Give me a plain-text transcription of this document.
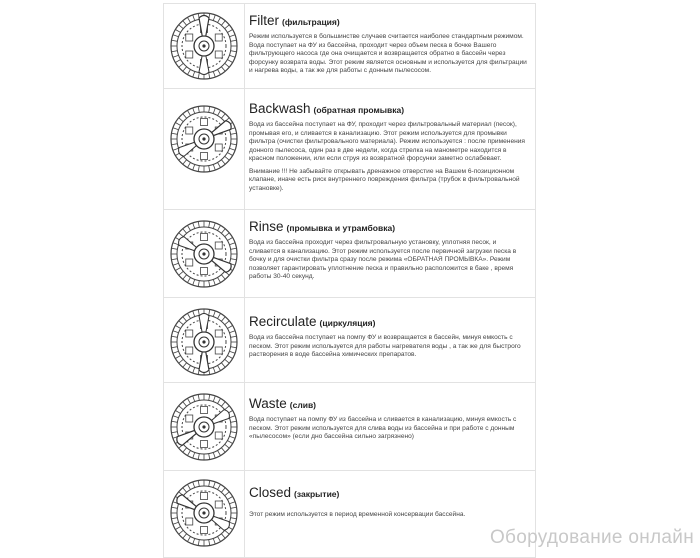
Filter (фильтрация)

Режим используется в большинстве случаев считается наиболее стандартным режимом. Вода поступает на ФУ из бассейна, проходит через объем песка в бочке Вашего фильтрующего насоса где она очищается и возвращается обратно в бассейн через форсунку возврата воды. Этот режим является основным и используется для фильтрации и нагрева воды, а так же для работы с донным пылесосом.

Backwash (обратная промывка)

Вода из бассейна поступает на ФУ, проходит через фильтровальный материал (песок), промывая его, и сливается в канализацию. Этот режим используется для промывки фильтра (очистки фильтровального материала). Режим используется : после применения донного пылесоса, один раз в две недели, когда стрелка на манометре находится в красном положении, или если струя из возвратной форсунки заметно ослабевает.

Внимание !!! Не забывайте открывать дренажное отверстие на Вашем 6-позиционном клапане, иначе есть риск внутреннего повреждения фильтра (трубок в фильтровальной установке).

Rinse (промывка и утрамбовка)

Вода из бассейна проходит через фильтровальную установку, уплотняя песок, и сливается в канализацию. Этот режим используется после первичной загрузки песка в бочку и для очистки фильтра сразу после режима «ОБРАТНАЯ ПРОМЫВКА». Режим позволяет гарантировать уплотнение песка и правильно расположится в баке , время работы 30-40 секунд.

Recirculate (циркуляция)

Вода из бассейна поступает на помпу ФУ и возвращается в бассейн, минуя емкость с песком. Этот режим используется для работы нагревателя воды , а так же для быстрого растворения в воде бассейна химических препаратов.

Waste (слив)

Вода поступает на помпу ФУ из бассейна и сливается в канализацию, минуя емкость с песком. Этот режим используется для слива воды из бассейна и при работе с донным «пылесосом» (если дно бассейна сильно загрязнено)

Closed (закрытие)

Этот режим используется в период временной консервации бассейна.

Оборудование онлайн
